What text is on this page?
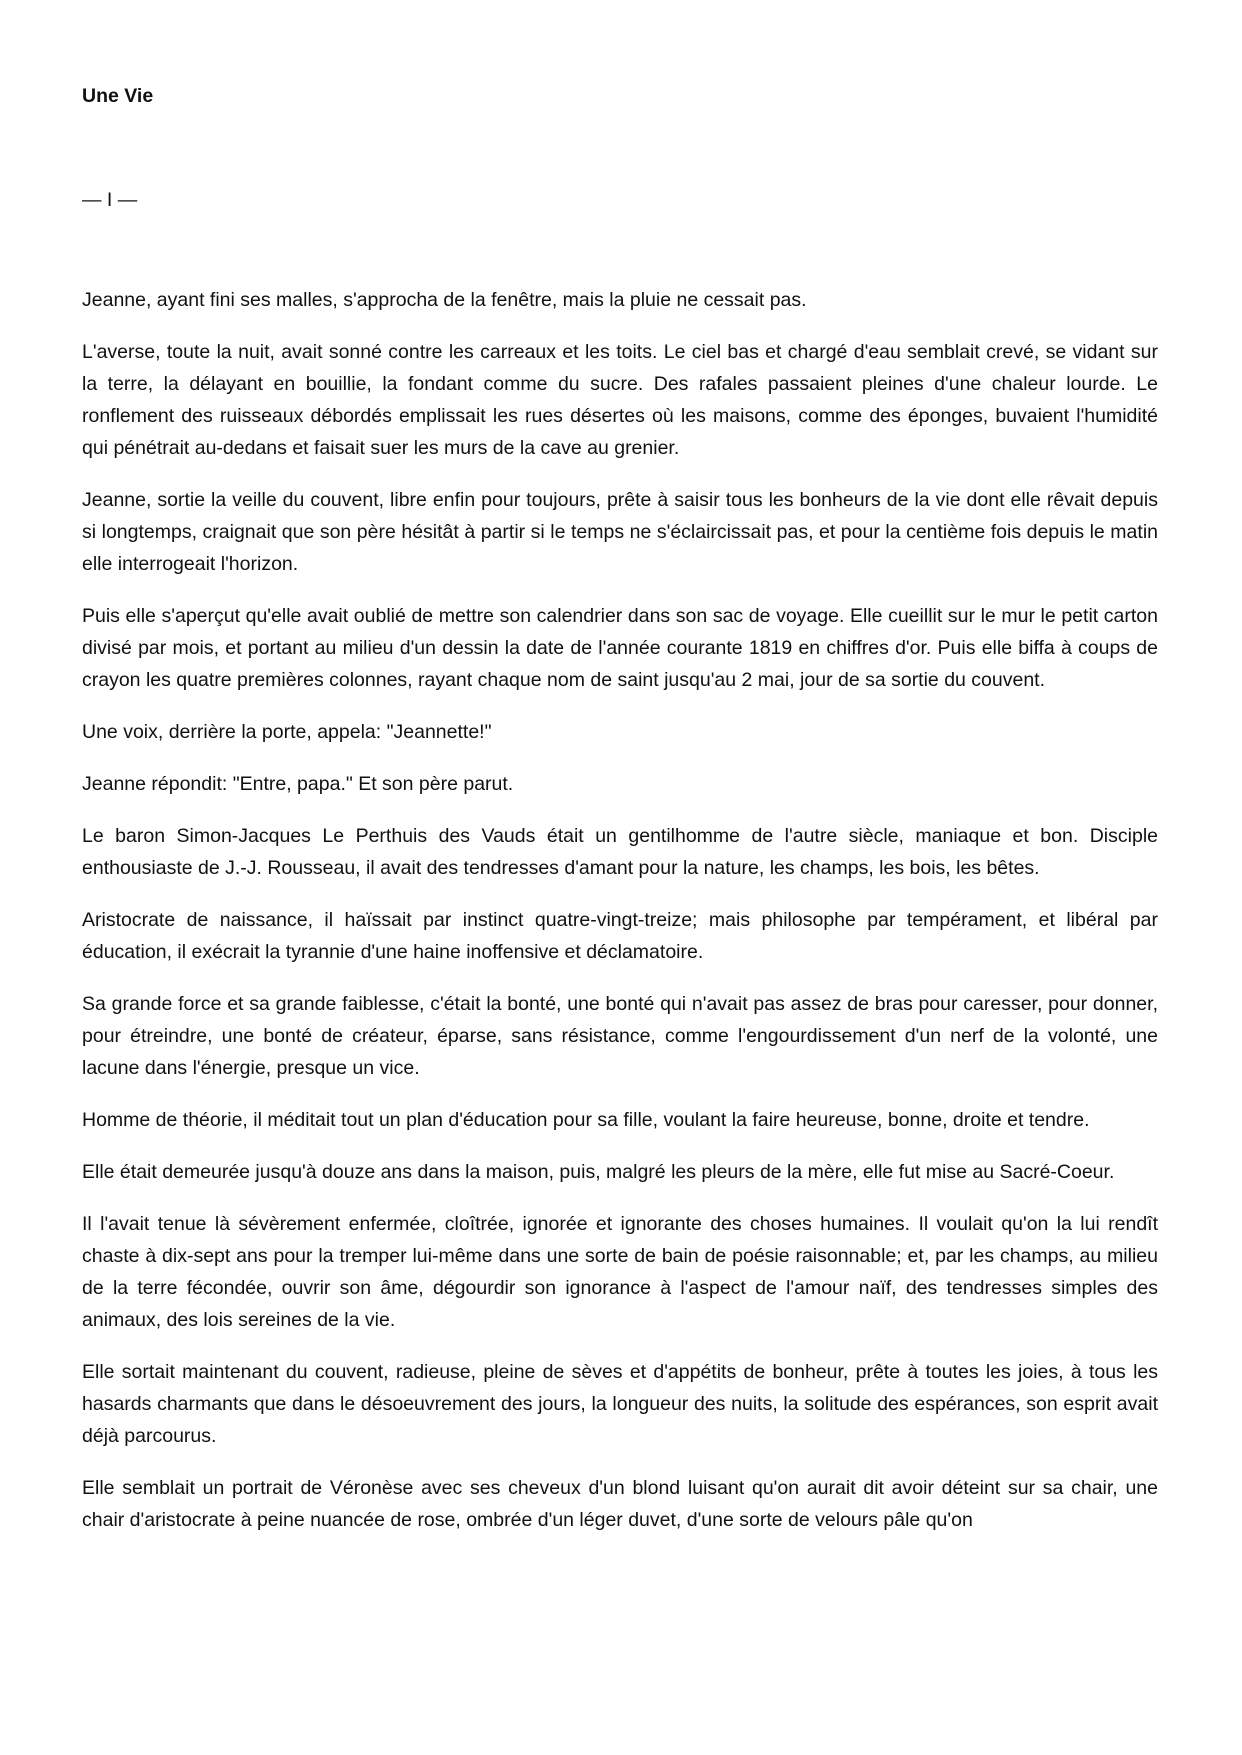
Une Vie

— I —

Jeanne, ayant fini ses malles, s'approcha de la fenêtre, mais la pluie ne cessait pas.

L'averse, toute la nuit, avait sonné contre les carreaux et les toits. Le ciel bas et chargé d'eau semblait crevé, se vidant sur la terre, la délayant en bouillie, la fondant comme du sucre. Des rafales passaient pleines d'une chaleur lourde. Le ronflement des ruisseaux débordés emplissait les rues désertes où les maisons, comme des éponges, buvaient l'humidité qui pénétrait au-dedans et faisait suer les murs de la cave au grenier.

Jeanne, sortie la veille du couvent, libre enfin pour toujours, prête à saisir tous les bonheurs de la vie dont elle rêvait depuis si longtemps, craignait que son père hésitât à partir si le temps ne s'éclaircissait pas, et pour la centième fois depuis le matin elle interrogeait l'horizon.

Puis elle s'aperçut qu'elle avait oublié de mettre son calendrier dans son sac de voyage. Elle cueillit sur le mur le petit carton divisé par mois, et portant au milieu d'un dessin la date de l'année courante 1819 en chiffres d'or. Puis elle biffa à coups de crayon les quatre premières colonnes, rayant chaque nom de saint jusqu'au 2 mai, jour de sa sortie du couvent.

Une voix, derrière la porte, appela: "Jeannette!"

Jeanne répondit: "Entre, papa." Et son père parut.

Le baron Simon-Jacques Le Perthuis des Vauds était un gentilhomme de l'autre siècle, maniaque et bon. Disciple enthousiaste de J.-J. Rousseau, il avait des tendresses d'amant pour la nature, les champs, les bois, les bêtes.

Aristocrate de naissance, il haïssait par instinct quatre-vingt-treize; mais philosophe par tempérament, et libéral par éducation, il exécrait la tyrannie d'une haine inoffensive et déclamatoire.

Sa grande force et sa grande faiblesse, c'était la bonté, une bonté qui n'avait pas assez de bras pour caresser, pour donner, pour étreindre, une bonté de créateur, éparse, sans résistance, comme l'engourdissement d'un nerf de la volonté, une lacune dans l'énergie, presque un vice.

Homme de théorie, il méditait tout un plan d'éducation pour sa fille, voulant la faire heureuse, bonne, droite et tendre.

Elle était demeurée jusqu'à douze ans dans la maison, puis, malgré les pleurs de la mère, elle fut mise au Sacré-Coeur.

Il l'avait tenue là sévèrement enfermée, cloîtrée, ignorée et ignorante des choses humaines. Il voulait qu'on la lui rendît chaste à dix-sept ans pour la tremper lui-même dans une sorte de bain de poésie raisonnable; et, par les champs, au milieu de la terre fécondée, ouvrir son âme, dégourdir son ignorance à l'aspect de l'amour naïf, des tendresses simples des animaux, des lois sereines de la vie.

Elle sortait maintenant du couvent, radieuse, pleine de sèves et d'appétits de bonheur, prête à toutes les joies, à tous les hasards charmants que dans le désoeuvrement des jours, la longueur des nuits, la solitude des espérances, son esprit avait déjà parcourus.

Elle semblait un portrait de Véronèse avec ses cheveux d'un blond luisant qu'on aurait dit avoir déteint sur sa chair, une chair d'aristocrate à peine nuancée de rose, ombrée d'un léger duvet, d'une sorte de velours pâle qu'on
